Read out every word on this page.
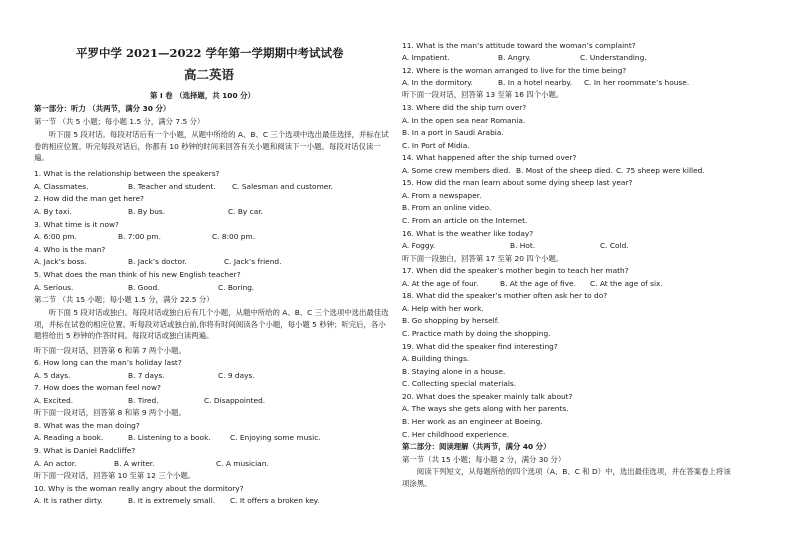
平罗中学 2021—2022 学年第一学期期中考试试卷
高二英语
第 I 卷 （选择题，共 100 分）
第一部分：听力 （共两节，满分 30 分）
第一节 （共 5 小题；每小题 1.5 分，满分 7.5 分）
听下面 5 段对话。每段对话后有一个小题，从题中所给的 A、B、C 三个选项中选出最佳选择，并标在试卷的相应位置。听完每段对话后，你都有 10 秒钟的时间来回答有关小题和阅读下一小题。每段对话仅读一遍。
1. What is the relationship between the speakers?
A. Classmates.	B. Teacher and student. C. Salesman and customer.
2. How did the man get here?
A. By taxi.	B. By bus.	C. By car.
3. What time is it now?
A. 6:00 pm.	B. 7:00 pm.	C. 8:00 pm.
4. Who is the man?
A. Jack’s boss.	B. Jack’s doctor.	C. Jack’s friend.
5. What does the man think of his new English teacher?
A. Serious.	B. Good.	C. Boring.
第二节 （共 15 小题；每小题 1.5 分，满分 22.5 分）
听下面 5 段对话或独白。每段对话或独白后有几个小题，从题中所给的 A、B、C 三个选项中选出最佳选项，并标在试卷的相应位置。听每段对话或独白前,你将有时间阅读各个小题，每小题 5 秒钟；听完后，各小题将给出 5 秒钟的作答时间。每段对话或独白读两遍。
听下面一段对话，回答第 6 和第 7 两个小题。
6. How long can the man’s holiday last?
A. 5 days.	B. 7 days.	C. 9 days.
7. How does the woman feel now?
A. Excited.	B. Tired.	C. Disappointed.
听下面一段对话，回答第 8 和第 9 两个小题。
8. What was the man doing?
A. Reading a book.	B. Listening to a book.	C. Enjoying some music.
9. What is Daniel Radcliffe?
A. An actor.	B. A writer.	C. A musician.
听下面一段对话，回答第 10 至第 12 三个小题。
10. Why is the woman really angry about the dormitory?
A. It is rather dirty.	B. It is extremely small. C. It offers a broken key.
11. What is the man’s attitude toward the woman’s complaint?
A. Impatient.	B. Angry.	C. Understanding.
12. Where is the woman arranged to live for the time being?
A. In the dormitory.	B. In a hotel nearby. C. In her roommate’s house.
听下面一段对话，回答第 13 至第 16 四个小题。
13. Where did the ship turn over?
A. In the open sea near Romania.
B. In a port in Saudi Arabia.
C. In Port of Midia.
14. What happened after the ship turned over?
A. Some crew members died. B. Most of the sheep died. C. 75 sheep were killed.
15. How did the man learn about some dying sheep last year?
A. From a newspaper.
B. From an online video.
C. From an article on the Internet.
16. What is the weather like today?
A. Foggy.	B. Hot.	C. Cold.
听下面一段独白，回答第 17 至第 20 四个小题。
17. When did the speaker’s mother begin to teach her math?
A. At the age of four.	B. At the age of five. C. At the age of six.
18. What did the speaker’s mother often ask her to do?
A. Help with her work.
B. Go shopping by herself.
C. Practice math by doing the shopping.
19. What did the speaker find interesting?
A. Building things.
B. Staying alone in a house.
C. Collecting special materials.
20. What does the speaker mainly talk about?
A. The ways she gets along with her parents.
B. Her work as an engineer at Boeing.
C. Her childhood experience.
第二部分：阅读理解（共两节，满分 40 分）
第一节（共 15 小题；每小题 2 分，满分 30 分）
阅读下列短文，从每题所给的四个选项（A、B、C 和 D）中，选出最佳选项，并在答案卷上将该项涂黑。
